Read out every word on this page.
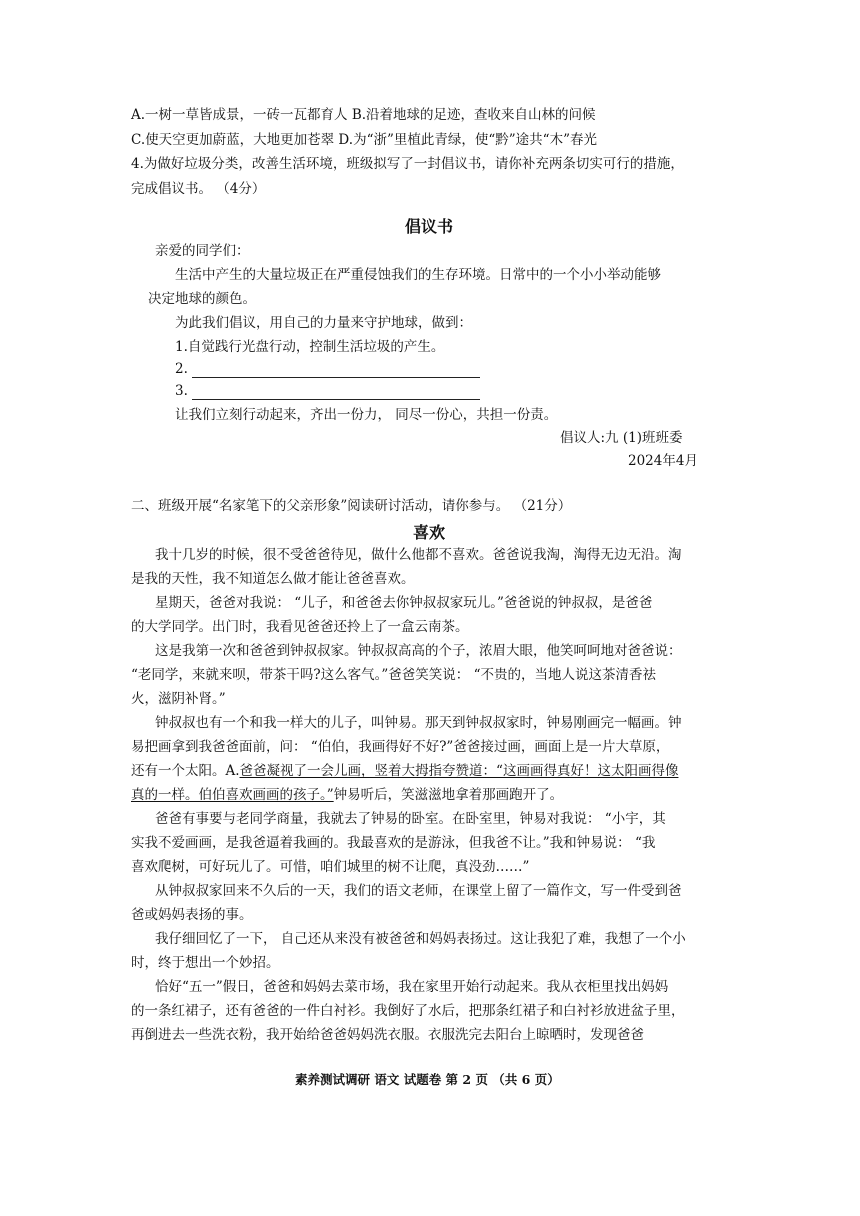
A.一树一草皆成景，一砖一瓦都育人 B.沿着地球的足迹，查收来自山林的问候
C.使天空更加蔚蓝，大地更加苍翠 D.为“浙”里植此青绿，使“黔”途共“木”春光
4.为做好垃圾分类，改善生活环境，班级拟写了一封倡议书，请你补充两条切实可行的措施，
完成倡议书。 （4分）
倡议书
亲爱的同学们：
生活中产生的大量垃圾正在严重侵蚀我们的生存环境。日常中的一个小小举动能够
决定地球的颜色。
为此我们倡议，用自己的力量来守护地球，做到：
1.自觉践行光盘行动，控制生活垃圾的产生。
2.
3.
让我们立刻行动起来，齐出一份力， 同尽一份心，共担一份责。
倡议人:九 (1)班班委
2024年4月
二、班级开展“名家笔下的父亲形象”阅读研讨活动，请你参与。 （21分）
喜欢
我十几岁的时候，很不受爸爸待见，做什么他都不喜欢。爸爸说我淘，淘得无边无沿。淘
是我的天性，我不知道怎么做才能让爸爸喜欢。
星期天，爸爸对我说： “儿子，和爸爸去你钟叔叔家玩儿。”爸爸说的钟叔叔，是爸爸
的大学同学。出门时，我看见爸爸还拎上了一盒云南茶。
这是我第一次和爸爸到钟叔叔家。钟叔叔高高的个子，浓眉大眼，他笑呵呵地对爸爸说：
“老同学，来就来呗，带茶干吗?这么客气。”爸爸笑笑说： “不贵的，当地人说这茶清香祛
火，滋阴补肾。”
钟叔叔也有一个和我一样大的儿子，叫钟易。那天到钟叔叔家时，钟易刚画完一幅画。钟
易把画拿到我爸爸面前，问： “伯伯，我画得好不好?”爸爸接过画，画面上是一片大草原，
还有一个太阳。A.爸爸凝视了一会儿画，竖着大拇指夸赞道：“这画画得真好！这太阳画得像
真的一样。伯伯喜欢画画的孩子。”钟易听后，笑滋滋地拿着那画跑开了。
爸爸有事要与老同学商量，我就去了钟易的卧室。在卧室里，钟易对我说： “小宇，其
实我不爱画画，是我爸逼着我画的。我最喜欢的是游泳，但我爸不让。”我和钟易说： “我
喜欢爬树，可好玩儿了。可惜，咱们城里的树不让爬，真没劲……”
从钟叔叔家回来不久后的一天，我们的语文老师，在课堂上留了一篇作文，写一件受到爸
爸或妈妈表扬的事。
我仔细回忆了一下， 自己还从来没有被爸爸和妈妈表扬过。这让我犯了难，我想了一个小
时，终于想出一个妙招。
恰好“五一”假日，爸爸和妈妈去菜市场，我在家里开始行动起来。我从衣柜里找出妈妈
的一条红裙子，还有爸爸的一件白衬衫。我倒好了水后，把那条红裙子和白衬衫放进盆子里，
再倒进去一些洗衣粉，我开始给爸爸妈妈洗衣服。衣服洗完去阳台上晾晒时，发现爸爸
素养测试调研 语文 试题卷 第 2 页 （共 6 页）
